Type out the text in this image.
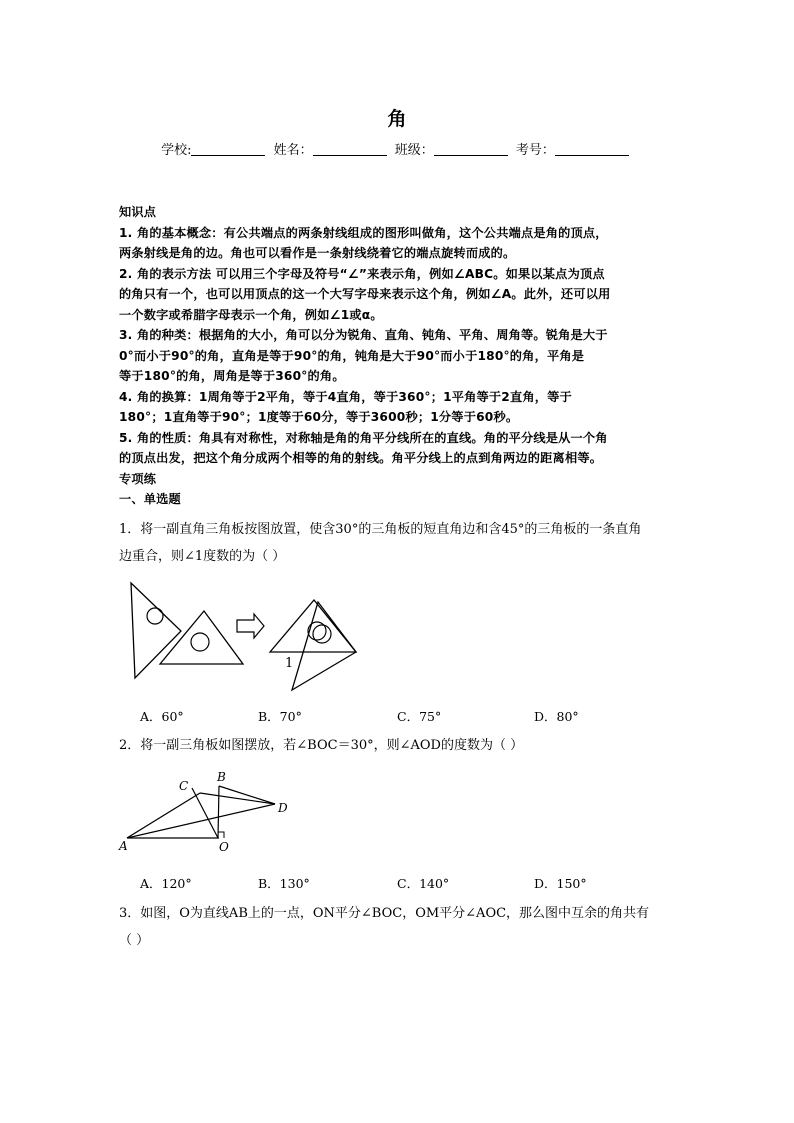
角
学校:	姓名：	班级：	考号：

知识点

1. 角的基本概念：有公共端点的两条射线组成的图形叫做角，这个公共端点是角的顶点，

两条射线是角的边。角也可以看作是一条射线绕着它的端点旋转而成的。

2. 角的表示方法 可以用三个字母及符号“∠”来表示角，例如∠ABC。如果以某点为顶点

的角只有一个，也可以用顶点的这一个大写字母来表示这个角，例如∠A。此外，还可以用

一个数字或希腊字母表示一个角，例如∠1或α。

3. 角的种类：根据角的大小，角可以分为锐角、直角、钝角、平角、周角等。锐角是大于

0°而小于90°的角，直角是等于90°的角，钝角是大于90°而小于180°的角，平角是

等于180°的角，周角是等于360°的角。

4. 角的换算：1周角等于2平角，等于4直角，等于360°；1平角等于2直角，等于

180°；1直角等于90°；1度等于60分，等于3600秒；1分等于60秒。

5. 角的性质：角具有对称性，对称轴是角的角平分线所在的直线。角的平分线是从一个角

的顶点出发，把这个角分成两个相等的角的射线。角平分线上的点到角两边的距离相等。

专项练

一、单选题

1．将一副直角三角板按图放置，使含30°的三角板的短直角边和含45°的三角板的一条直角

边重合，则∠1度数的为（ ）

1
A．60°	B．70°	C．75°	D．80°

2．将一副三角板如图摆放，若∠BOC＝30°，则∠AOD的度数为（ ）

A
B
C
D
O
A．120°	B．130°	C．140°	D．150°

3．如图，O为直线AB上的一点，ON平分∠BOC，OM平分∠AOC，那么图中互余的角共有

（ ）
